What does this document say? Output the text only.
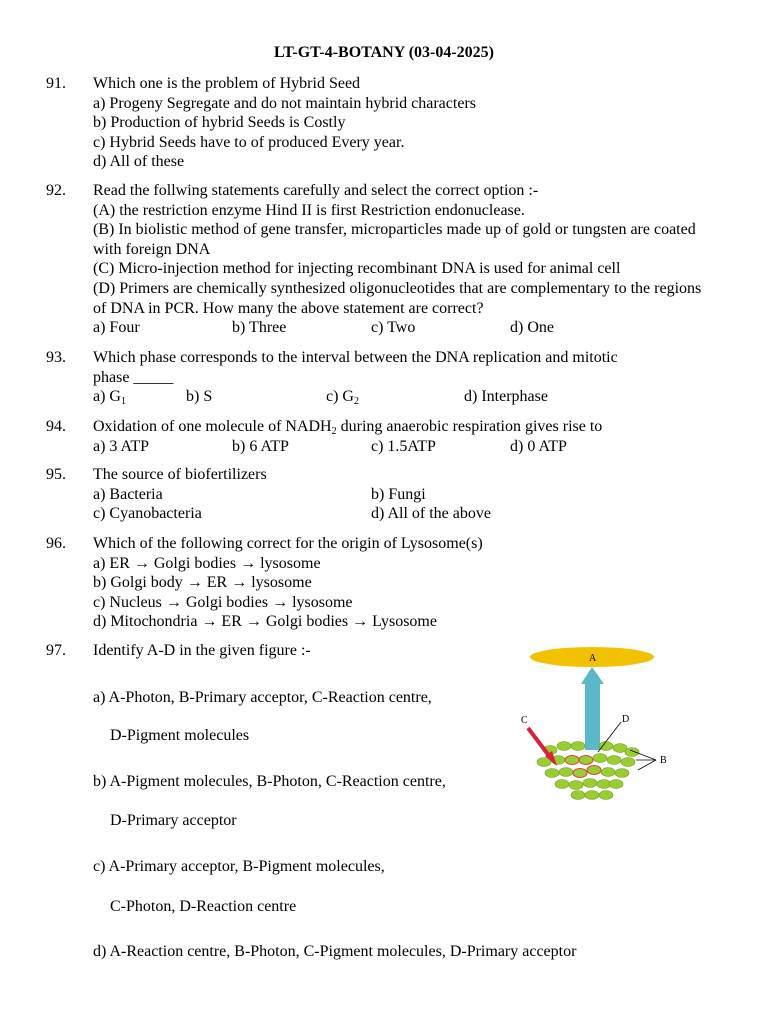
LT-GT-4-BOTANY (03-04-2025)
91. Which one is the problem of Hybrid Seed
a) Progeny Segregate and do not maintain hybrid characters
b) Production of hybrid Seeds is Costly
c) Hybrid Seeds have to of produced Every year.
d) All of these
92. Read the follwing statements carefully and select the correct option :-
(A) the restriction enzyme Hind II is first Restriction endonuclease.
(B) In biolistic method of gene transfer, microparticles made up of gold or tungsten are coated with foreign DNA
(C) Micro-injection method for injecting recombinant DNA is used for animal cell
(D) Primers are chemically synthesized oligonucleotides that are complementary to the regions of DNA in PCR. How many the above statement are correct?
a) Four	b) Three	c) Two	d) One
93. Which phase corresponds to the interval between the DNA replication and mitotic
phase _____
a) $G_1$	b) S	c) $G_2$	d) Interphase
94. Oxidation of one molecule of $NADH_2$ during anaerobic respiration gives rise to
a) 3 ATP	b) 6 ATP	c) 1.5ATP	d) 0 ATP
95. The source of biofertilizers
a) Bacteria	b) Fungi
c) Cyanobacteria	d) All of the above
96. Which of the following correct for the origin of Lysosome(s)
a) ER → Golgi bodies → lysosome
b) Golgi body → ER → lysosome
c) Nucleus → Golgi bodies → lysosome
d) Mitochondria → ER → Golgi bodies → Lysosome
97. Identify A-D in the given figure :-
a) A-Photon, B-Primary acceptor, C-Reaction centre,
D-Pigment molecules
b) A-Pigment molecules, B-Photon, C-Reaction centre,
D-Primary acceptor
c) A-Primary acceptor, B-Pigment molecules,
C-Photon, D-Reaction centre
d) A-Reaction centre, B-Photon, C-Pigment molecules, D-Primary acceptor
A
C	D
B
